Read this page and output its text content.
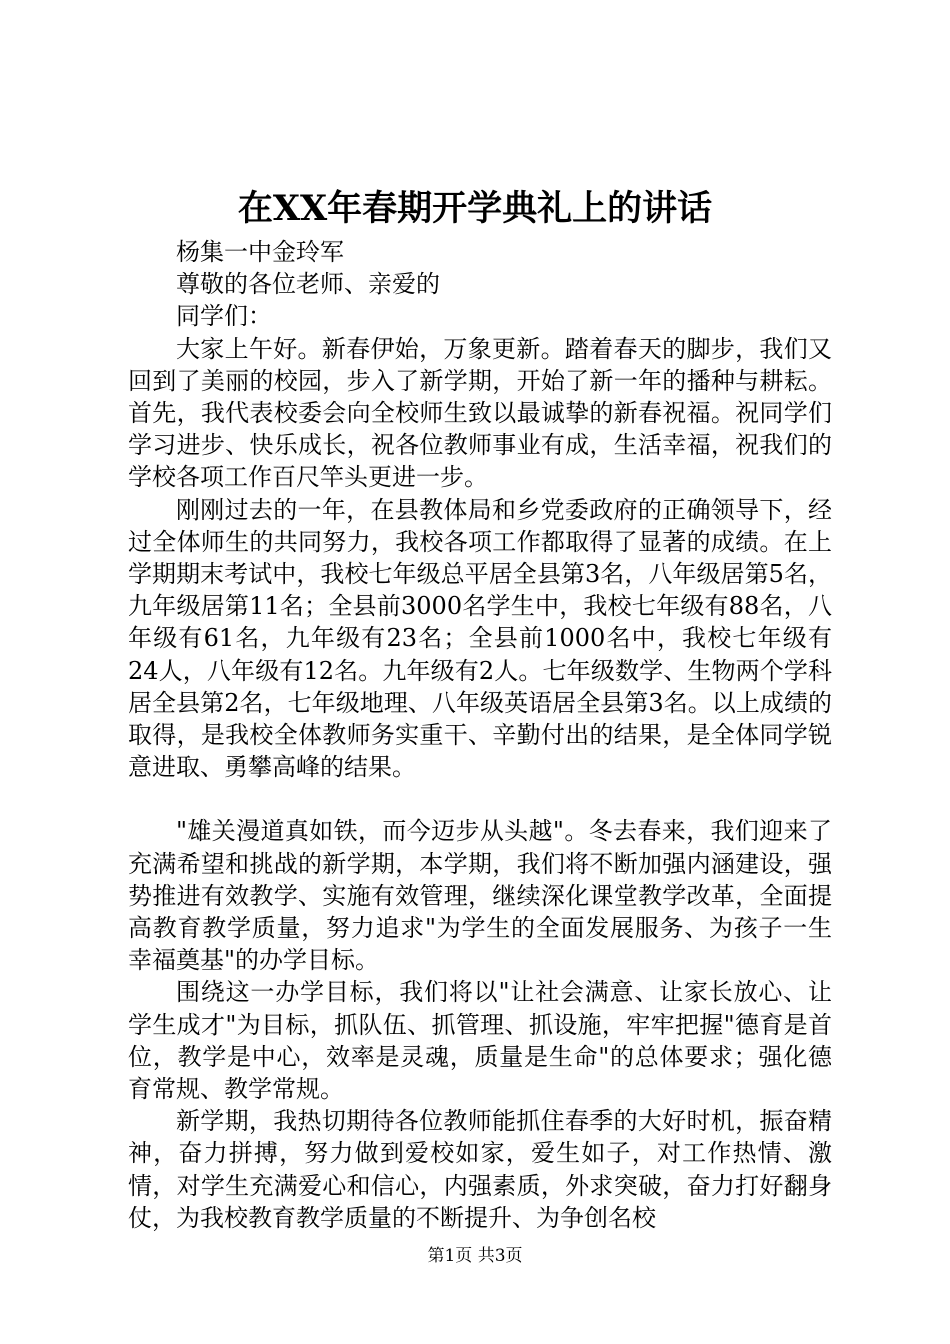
在XX年春期开学典礼上的讲话

杨集一中金玲军

尊敬的各位老师、亲爱的

同学们：

大家上午好。新春伊始，万象更新。踏着春天的脚步，我们又回到了美丽的校园，步入了新学期，开始了新一年的播种与耕耘。首先，我代表校委会向全校师生致以最诚挚的新春祝福。祝同学们学习进步、快乐成长，祝各位教师事业有成，生活幸福，祝我们的学校各项工作百尺竿头更进一步。

刚刚过去的一年，在县教体局和乡党委政府的正确领导下，经过全体师生的共同努力，我校各项工作都取得了显著的成绩。在上学期期末考试中，我校七年级总平居全县第3名，八年级居第5名，九年级居第11名；全县前3000名学生中，我校七年级有88名，八年级有61名，九年级有23名；全县前1000名中，我校七年级有24人，八年级有12名。九年级有2人。七年级数学、生物两个学科居全县第2名，七年级地理、八年级英语居全县第3名。以上成绩的取得，是我校全体教师务实重干、辛勤付出的结果，是全体同学锐意进取、勇攀高峰的结果。

"雄关漫道真如铁，而今迈步从头越"。冬去春来，我们迎来了充满希望和挑战的新学期，本学期，我们将不断加强内涵建设，强势推进有效教学、实施有效管理，继续深化课堂教学改革，全面提高教育教学质量，努力追求"为学生的全面发展服务、为孩子一生幸福奠基"的办学目标。

围绕这一办学目标，我们将以"让社会满意、让家长放心、让学生成才"为目标，抓队伍、抓管理、抓设施，牢牢把握"德育是首位，教学是中心，效率是灵魂，质量是生命"的总体要求；强化德育常规、教学常规。

新学期，我热切期待各位教师能抓住春季的大好时机，振奋精神，奋力拼搏，努力做到爱校如家，爱生如子，对工作热情、激情，对学生充满爱心和信心，内强素质，外求突破，奋力打好翻身仗，为我校教育教学质量的不断提升、为争创名校

第1页 共3页
